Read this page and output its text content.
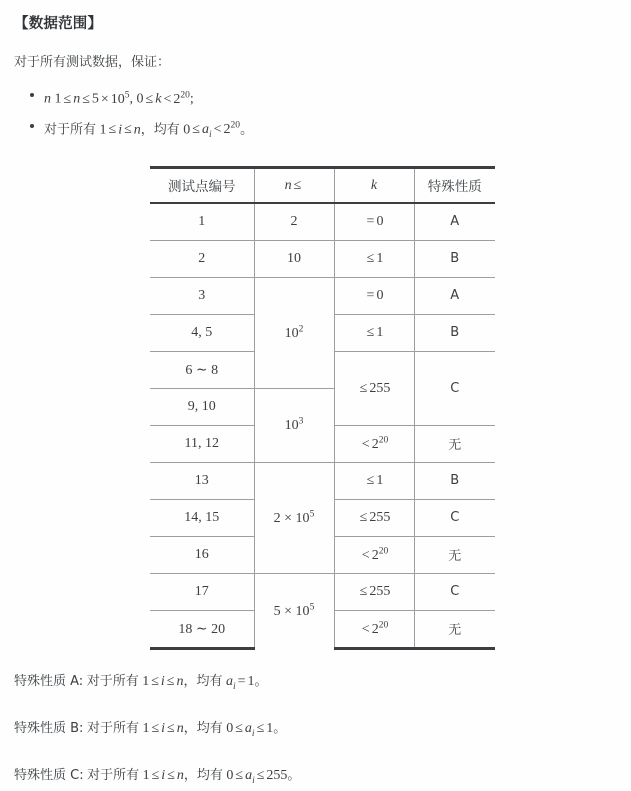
【数据范围】
对于所有测试数据，保证：
n $1 \le n \le 5 \times 10^5$, $0 \le k < 2^{20}$;
对于所有 1 ≤ i ≤ n，均有 $0 \le a_i < 2^{20}$。
测试点编号	n ≤	k	特殊性质
1	2	= 0	A
2	10	≤ 1	B
3	$10^2$	= 0	A
4, 5		≤ 1	B
6 ∼ 8		≤ 255	C
9, 10	$10^3$
11, 12		< $2^{20}$	无
13	$2 \times 10^5$	≤ 1	B
14, 15		≤ 255	C
16		< $2^{20}$	无
17	$5 \times 10^5$	≤ 255	C
18 ∼ 20		< $2^{20}$	无

特殊性质 A: 对于所有 1 ≤ i ≤ n，均有 $a_i = 1$。

特殊性质 B: 对于所有 1 ≤ i ≤ n，均有 $0 \le a_i \le 1$。

特殊性质 C: 对于所有 1 ≤ i ≤ n，均有 $0 \le a_i \le 255$。
